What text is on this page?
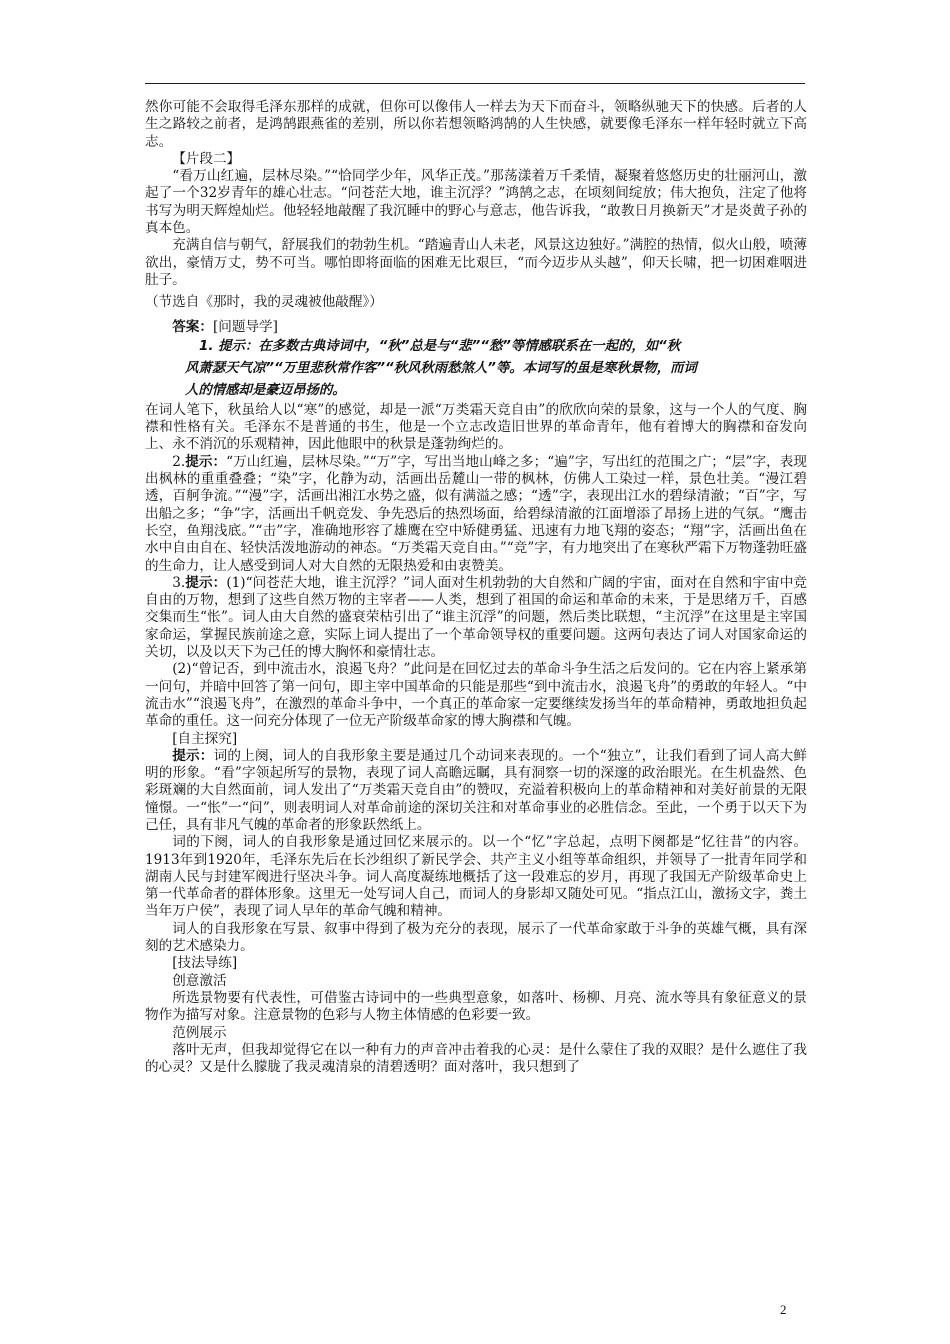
然你可能不会取得毛泽东那样的成就，但你可以像伟人一样去为天下而奋斗，领略纵驰天下的快感。后者的人生之路较之前者，是鸿鹄跟燕雀的差别，所以你若想领略鸿鹄的人生快感，就要像毛泽东一样年轻时就立下高志。

【片段二】

“看万山红遍，层林尽染。”“恰同学少年，风华正茂。”那荡漾着万千柔情，凝聚着悠悠历史的壮丽河山，激起了一个32岁青年的雄心壮志。“问苍茫大地，谁主沉浮？”鸿鹄之志，在顷刻间绽放；伟大抱负，注定了他将书写为明天辉煌灿烂。他轻轻地敲醒了我沉睡中的野心与意志，他告诉我，“敢教日月换新天”才是炎黄子孙的真本色。

充满自信与朝气，舒展我们的勃勃生机。“踏遍青山人未老，风景这边独好。”满腔的热情，似火山般，喷薄欲出，豪情万丈，势不可当。哪怕即将面临的困难无比艰巨，“而今迈步从头越”，仰天长啸，把一切困难咽进肚子。

（节选自《那时，我的灵魂被他敲醒》）

答案：[问题导学]

1. 提示：在多数古典诗词中，“秋”总是与“悲”“愁”等情感联系在一起的，如“秋
风萧瑟天气凉”“万里悲秋常作客”“秋风秋雨愁煞人”等。本词写的虽是寒秋景物，而词
人的情感却是豪迈昂扬的。

在词人笔下，秋虽给人以“寒”的感觉，却是一派“万类霜天竞自由”的欣欣向荣的景象，这与一个人的气度、胸襟和性格有关。毛泽东不是普通的书生，他是一个立志改造旧世界的革命青年，他有着博大的胸襟和奋发向上、永不消沉的乐观精神，因此他眼中的秋景是蓬勃绚烂的。

2.提示：“万山红遍，层林尽染。”“万”字，写出当地山峰之多；“遍”字，写出红的范围之广；“层”字，表现出枫林的重重叠叠；“染”字，化静为动，活画出岳麓山一带的枫林，仿佛人工染过一样，景色壮美。“漫江碧透，百舸争流。”“漫”字，活画出湘江水势之盛，似有满溢之感；“透”字，表现出江水的碧绿清澈；“百”字，写出船之多；“争”字，活画出千帆竞发、争先恐后的热烈场面，给碧绿清澈的江面增添了昂扬上进的气氛。“鹰击长空，鱼翔浅底。”“击”字，准确地形容了雄鹰在空中矫健勇猛、迅速有力地飞翔的姿态；“翔”字，活画出鱼在水中自由自在、轻快活泼地游动的神态。“万类霜天竞自由。”“竞”字，有力地突出了在寒秋严霜下万物蓬勃旺盛的生命力，让人感受到词人对大自然的无限热爱和由衷赞美。

3.提示：(1)“问苍茫大地，谁主沉浮？”词人面对生机勃勃的大自然和广阔的宇宙，面对在自然和宇宙中竞自由的万物，想到了这些自然万物的主宰者——人类，想到了祖国的命运和革命的未来，于是思绪万千，百感交集而生“怅”。词人由大自然的盛衰荣枯引出了“谁主沉浮”的问题，然后类比联想，“主沉浮”在这里是主宰国家命运，掌握民族前途之意，实际上词人提出了一个革命领导权的重要问题。这两句表达了词人对国家命运的关切，以及以天下为己任的博大胸怀和豪情壮志。

(2)“曾记否，到中流击水，浪遏飞舟？”此问是在回忆过去的革命斗争生活之后发问的。它在内容上紧承第一问句，并暗中回答了第一问句，即主宰中国革命的只能是那些“到中流击水，浪遏飞舟”的勇敢的年轻人。“中流击水”“浪遏飞舟”，在激烈的革命斗争中，一个真正的革命家一定要继续发扬当年的革命精神，勇敢地担负起革命的重任。这一问充分体现了一位无产阶级革命家的博大胸襟和气魄。

[自主探究]

提示：词的上阕，词人的自我形象主要是通过几个动词来表现的。一个“独立”，让我们看到了词人高大鲜明的形象。“看”字领起所写的景物，表现了词人高瞻远瞩，具有洞察一切的深邃的政治眼光。在生机盎然、色彩斑斓的大自然面前，词人发出了“万类霜天竞自由”的赞叹，充溢着积极向上的革命精神和对美好前景的无限憧憬。一“怅”一“问”，则表明词人对革命前途的深切关注和对革命事业的必胜信念。至此，一个勇于以天下为己任，具有非凡气魄的革命者的形象跃然纸上。

词的下阕，词人的自我形象是通过回忆来展示的。以一个“忆”字总起，点明下阕都是“忆往昔”的内容。1913年到1920年，毛泽东先后在长沙组织了新民学会、共产主义小组等革命组织，并领导了一批青年同学和湖南人民与封建军阀进行坚决斗争。词人高度凝练地概括了这一段难忘的岁月，再现了我国无产阶级革命史上第一代革命者的群体形象。这里无一处写词人自己，而词人的身影却又随处可见。“指点江山，激扬文字，粪土当年万户侯”，表现了词人早年的革命气魄和精神。

词人的自我形象在写景、叙事中得到了极为充分的表现，展示了一代革命家敢于斗争的英雄气概，具有深刻的艺术感染力。

[技法导练]

创意激活

所选景物要有代表性，可借鉴古诗词中的一些典型意象，如落叶、杨柳、月亮、流水等具有象征意义的景物作为描写对象。注意景物的色彩与人物主体情感的色彩要一致。

范例展示

落叶无声，但我却觉得它在以一种有力的声音冲击着我的心灵：是什么蒙住了我的双眼？是什么遮住了我的心灵？又是什么朦胧了我灵魂清泉的清碧透明？面对落叶，我只想到了

2
